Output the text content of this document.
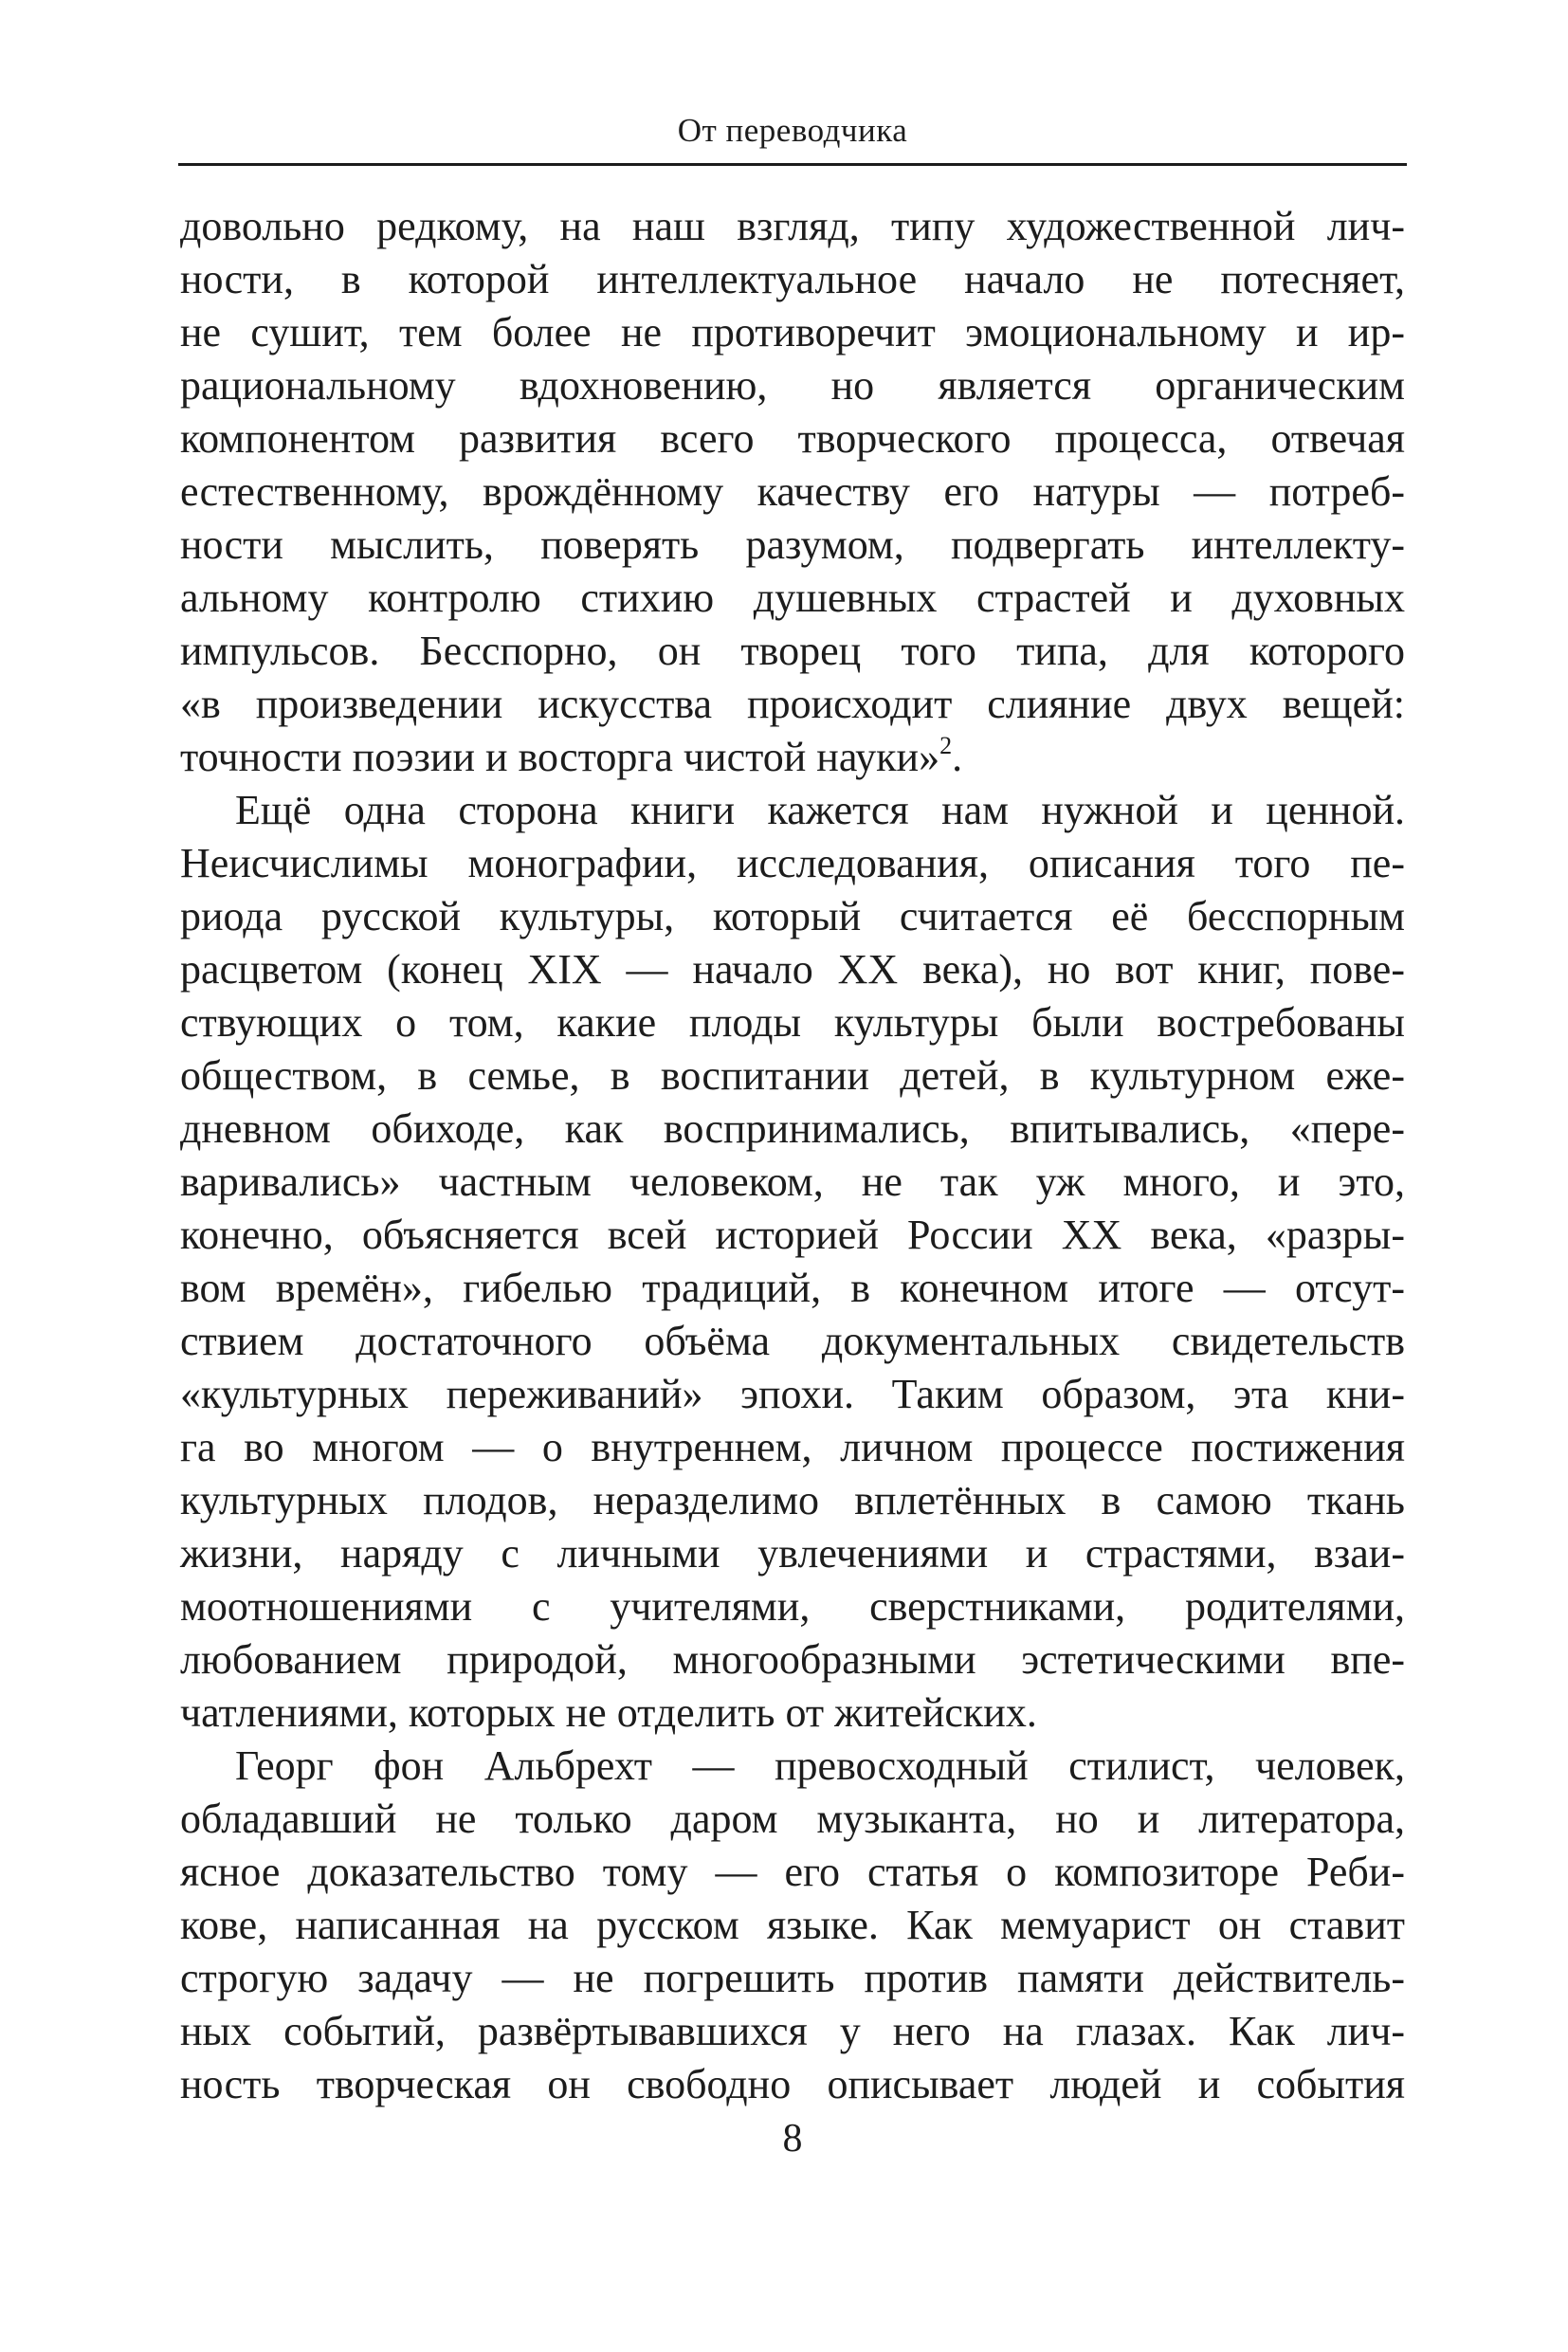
От переводчика
довольно редкому, на наш взгляд, типу художественной лич-
ности, в которой интеллектуальное начало не потесняет,
не сушит, тем более не противоречит эмоциональному и ир-
рациональному вдохновению, но является органическим
компонентом развития всего творческого процесса, отвечая
естественному, врождённому качеству его натуры — потреб-
ности мыслить, поверять разумом, подвергать интеллекту-
альному контролю стихию душевных страстей и духовных
импульсов. Бесспорно, он творец того типа, для которого
«в произведении искусства происходит слияние двух вещей:
точности поэзии и восторга чистой науки»$^2$.
Ещё одна сторона книги кажется нам нужной и ценной.
Неисчислимы монографии, исследования, описания того пе-
риода русской культуры, который считается её бесспорным
расцветом (конец XIX — начало XX века), но вот книг, пове-
ствующих о том, какие плоды культуры были востребованы
обществом, в семье, в воспитании детей, в культурном еже-
дневном обиходе, как воспринимались, впитывались, «пере-
варивались» частным человеком, не так уж много, и это,
конечно, объясняется всей историей России XX века, «разры-
вом времён», гибелью традиций, в конечном итоге — отсут-
ствием достаточного объёма документальных свидетельств
«культурных переживаний» эпохи. Таким образом, эта кни-
га во многом — о внутреннем, личном процессе постижения
культурных плодов, неразделимо вплетённых в самою ткань
жизни, наряду с личными увлечениями и страстями, взаи-
моотношениями с учителями, сверстниками, родителями,
любованием природой, многообразными эстетическими впе-
чатлениями, которых не отделить от житейских.
Георг фон Альбрехт — превосходный стилист, человек,
обладавший не только даром музыканта, но и литератора,
ясное доказательство тому — его статья о композиторе Реби-
кове, написанная на русском языке. Как мемуарист он ставит
строгую задачу — не погрешить против памяти действитель-
ных событий, развёртывавшихся у него на глазах. Как лич-
ность творческая он свободно описывает людей и события
8
